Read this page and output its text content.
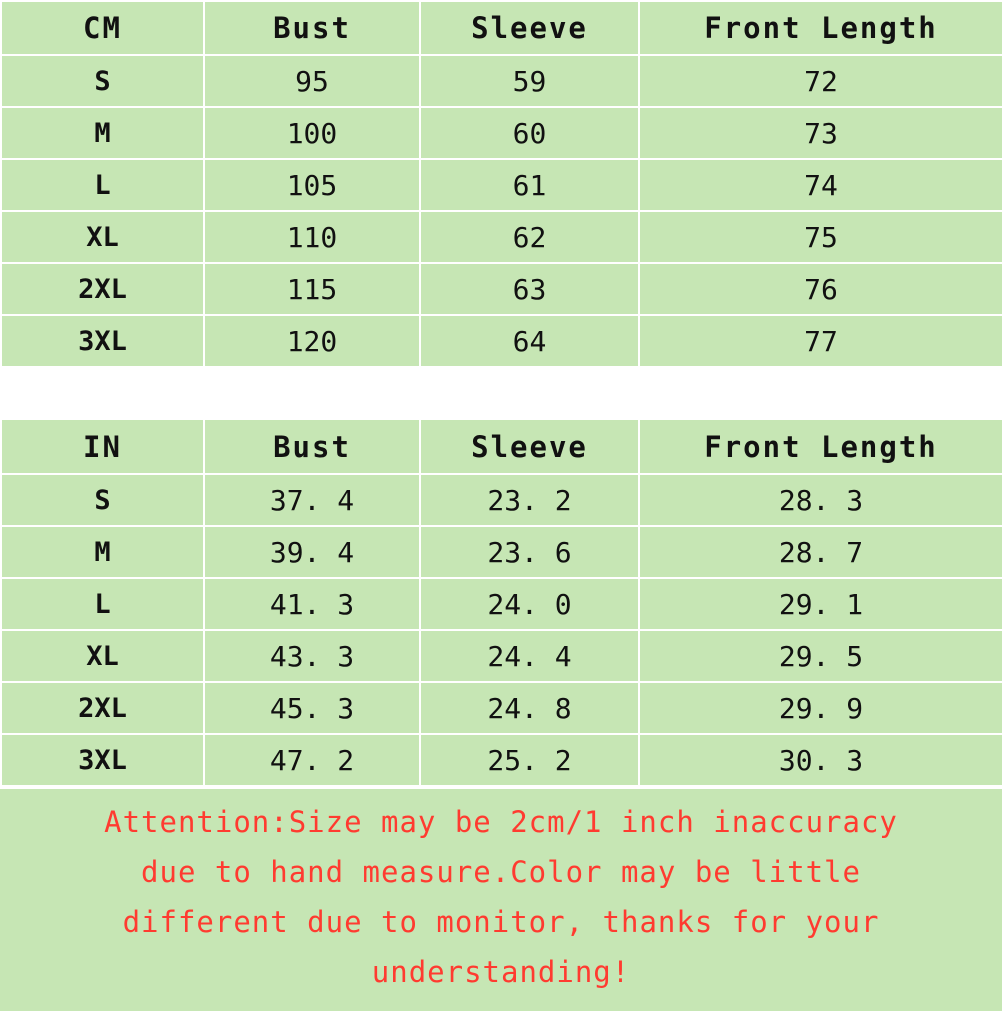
CM	Bust	Sleeve	Front Length
S	95	59	72
M	100	60	73
L	105	61	74
XL	110	62	75
2XL	115	63	76
3XL	120	64	77
IN	Bust	Sleeve	Front Length
S	37. 4	23. 2	28. 3
M	39. 4	23. 6	28. 7
L	41. 3	24. 0	29. 1
XL	43. 3	24. 4	29. 5
2XL	45. 3	24. 8	29. 9
3XL	47. 2	25. 2	30. 3
Attention:Size may be 2cm/1 inch inaccuracy
due to hand measure.Color may be little
different due to monitor, thanks for your
understanding!
